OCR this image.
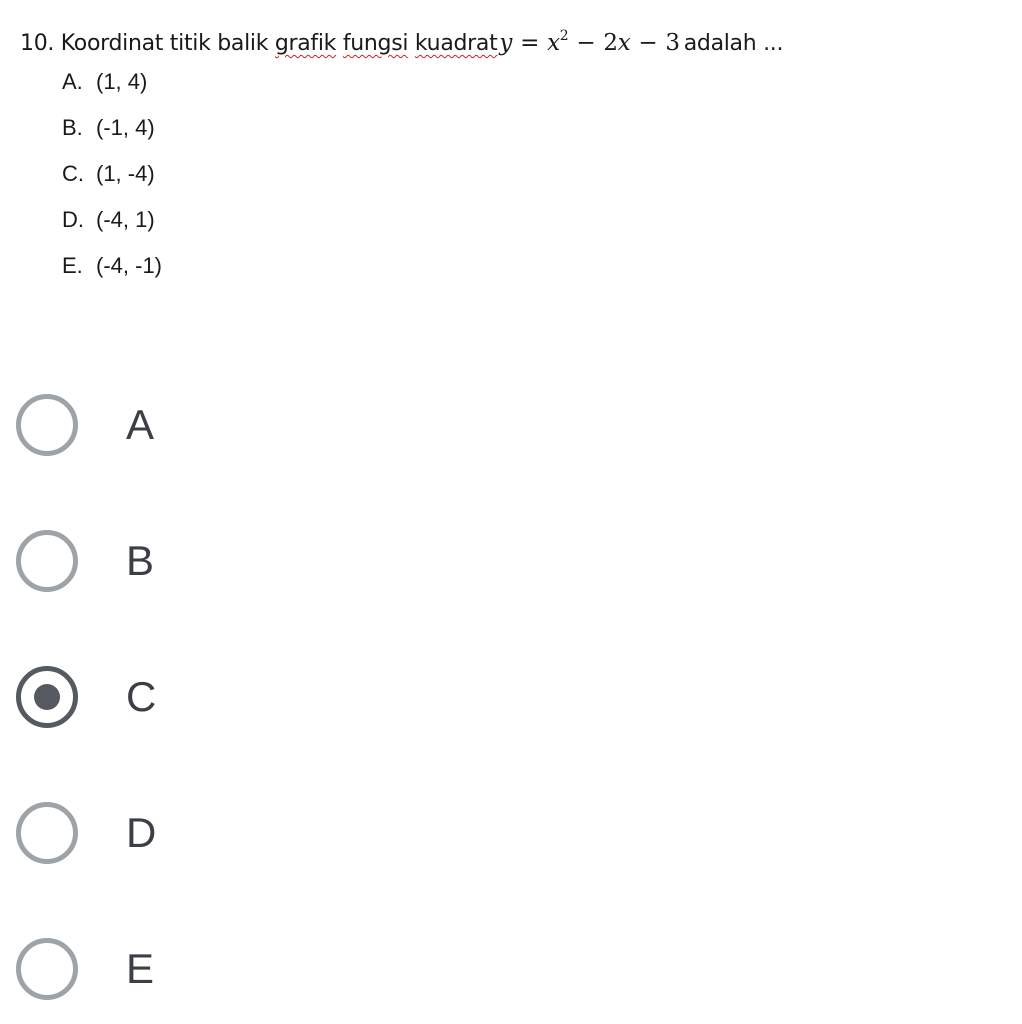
10. Koordinat titik balik grafik fungsi kuadraty = $x^2 - 2x - 3$ adalah ...
A. (1, 4)
B. (-1, 4)
C. (1, -4)
D. (-4, 1)
E. (-4, -1)
A
B
C
D
E
